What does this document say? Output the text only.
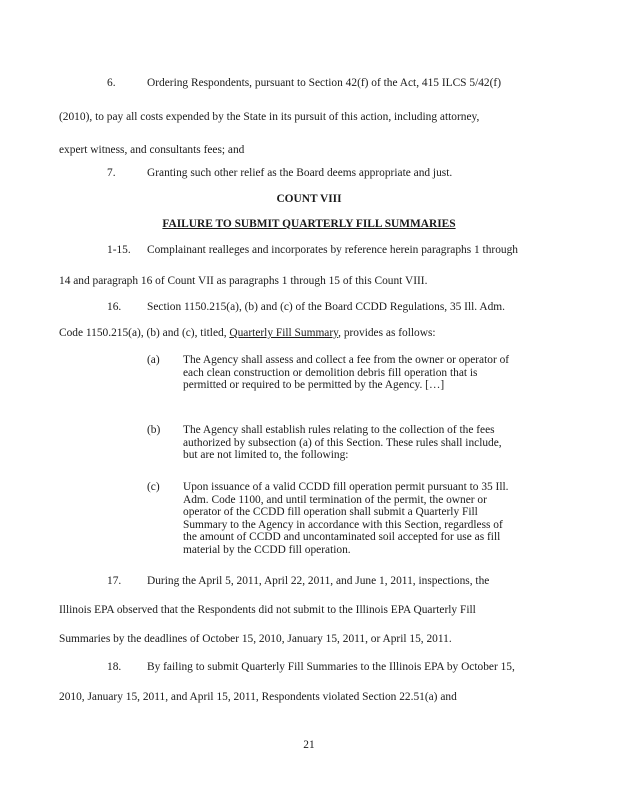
6.	Ordering Respondents, pursuant to Section 42(f) of the Act, 415 ILCS 5/42(f)
(2010), to pay all costs expended by the State in its pursuit of this action, including attorney,
expert witness, and consultants fees; and
7.	Granting such other relief as the Board deems appropriate and just.
COUNT VIII
FAILURE TO SUBMIT QUARTERLY FILL SUMMARIES
1-15. Complainant realleges and incorporates by reference herein paragraphs 1 through
14 and paragraph 16 of Count VII as paragraphs 1 through 15 of this Count VIII.
16. Section 1150.215(a), (b) and (c) of the Board CCDD Regulations, 35 Ill. Adm.
Code 1150.215(a), (b) and (c), titled, Quarterly Fill Summary, provides as follows:
(a) The Agency shall assess and collect a fee from the owner or operator of each clean construction or demolition debris fill operation that is permitted or required to be permitted by the Agency. […]
(b) The Agency shall establish rules relating to the collection of the fees authorized by subsection (a) of this Section. These rules shall include, but are not limited to, the following:
(c) Upon issuance of a valid CCDD fill operation permit pursuant to 35 Ill. Adm. Code 1100, and until termination of the permit, the owner or operator of the CCDD fill operation shall submit a Quarterly Fill Summary to the Agency in accordance with this Section, regardless of the amount of CCDD and uncontaminated soil accepted for use as fill material by the CCDD fill operation.
17. During the April 5, 2011, April 22, 2011, and June 1, 2011, inspections, the
Illinois EPA observed that the Respondents did not submit to the Illinois EPA Quarterly Fill
Summaries by the deadlines of October 15, 2010, January 15, 2011, or April 15, 2011.
18. By failing to submit Quarterly Fill Summaries to the Illinois EPA by October 15,
2010, January 15, 2011, and April 15, 2011, Respondents violated Section 22.51(a) and
21
